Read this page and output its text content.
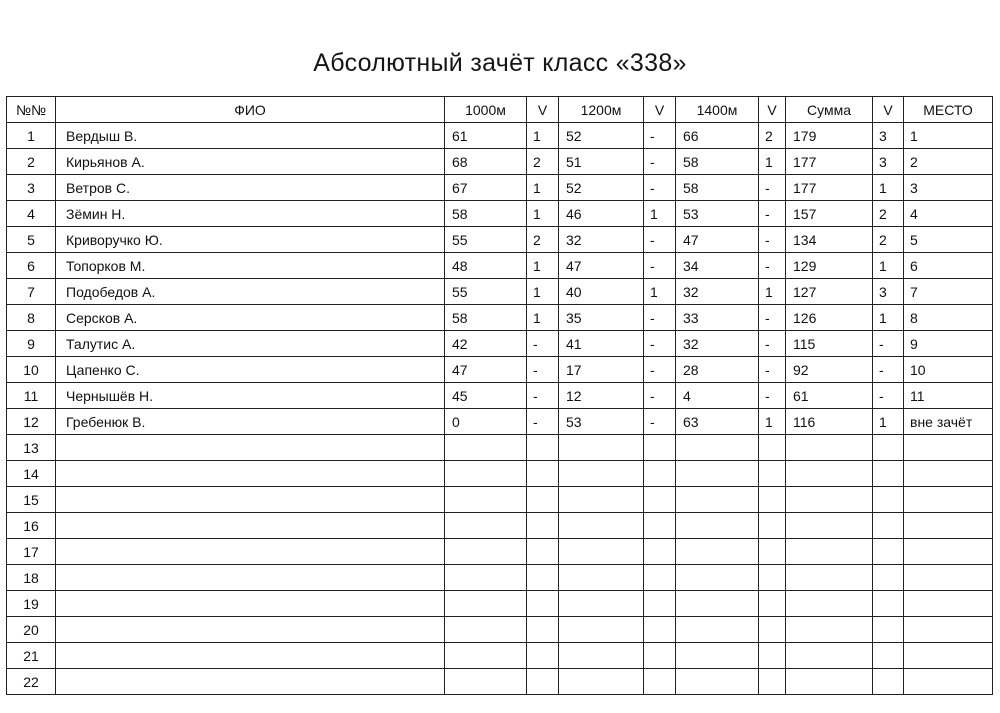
Абсолютный зачёт класс «338»
№№	ФИО	1000м	V	1200м	V	1400м	V	Сумма	V	МЕСТО
1	Вердыш В.	61	1	52	-	66	2	179	3	1
2	Кирьянов А.	68	2	51	-	58	1	177	3	2
3	Ветров С.	67	1	52	-	58	-	177	1	3
4	Зёмин Н.	58	1	46	1	53	-	157	2	4
5	Криворучко Ю.	55	2	32	-	47	-	134	2	5
6	Топорков М.	48	1	47	-	34	-	129	1	6
7	Подобедов А.	55	1	40	1	32	1	127	3	7
8	Серсков А.	58	1	35	-	33	-	126	1	8
9	Талутис А.	42	-	41	-	32	-	115	-	9
10	Цапенко С.	47	-	17	-	28	-	92	-	10
11	Чернышёв Н.	45	-	12	-	4	-	61	-	11
12	Гребенюк В.	0	-	53	-	63	1	116	1	вне зачёт
13										
14										
15										
16										
17										
18										
19										
20										
21										
22										
